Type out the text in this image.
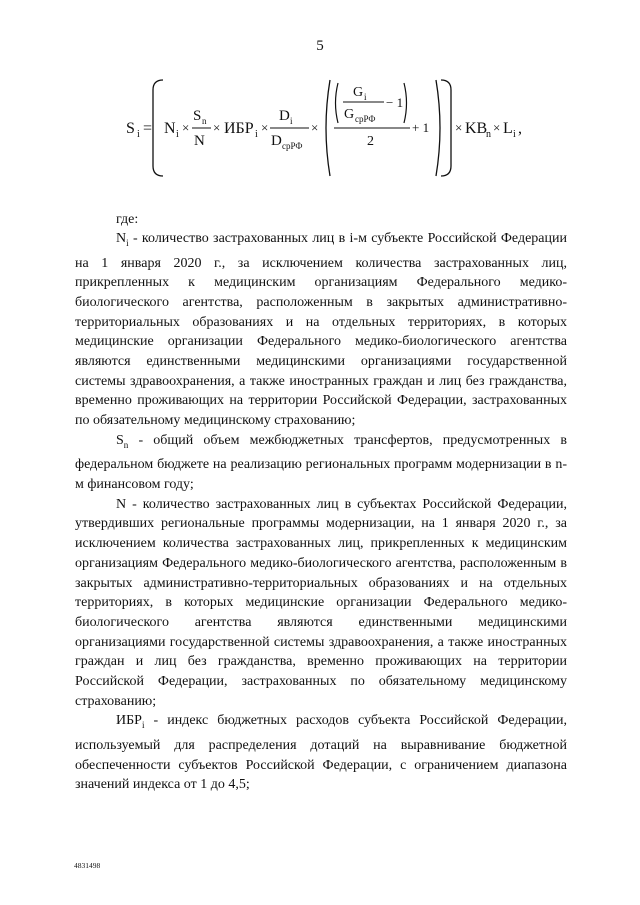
5
S i = N i ×
S n
N
× ИБР i ×
D i
D срРФ
×
G i
G срРФ
− 1
2
+ 1 × KB
n × L i ,
где:

$N_i$ - количество застрахованных лиц в i-м субъекте Российской Федерации на 1 января 2020 г., за исключением количества застрахованных лиц, прикрепленных к медицинским организациям Федерального медико-биологического агентства, расположенным в закрытых административно-территориальных образованиях и на отдельных территориях, в которых медицинские организации Федерального медико-биологического агентства являются единственными медицинскими организациями государственной системы здравоохранения, а также иностранных граждан и лиц без гражданства, временно проживающих на территории Российской Федерации, застрахованных по обязательному медицинскому страхованию;

$S_n$ - общий объем межбюджетных трансфертов, предусмотренных в федеральном бюджете на реализацию региональных программ модернизации в n-м финансовом году;

N - количество застрахованных лиц в субъектах Российской Федерации, утвердивших региональные программы модернизации, на 1 января 2020 г., за исключением количества застрахованных лиц, прикрепленных к медицинским организациям Федерального медико-биологического агентства, расположенным в закрытых административно-территориальных образованиях и на отдельных территориях, в которых медицинские организации Федерального медико-биологического агентства являются единственными медицинскими организациями государственной системы здравоохранения, а также иностранных граждан и лиц без гражданства, временно проживающих на территории Российской Федерации, застрахованных по обязательному медицинскому страхованию;

$ИБР_i$ - индекс бюджетных расходов субъекта Российской Федерации, используемый для распределения дотаций на выравнивание бюджетной обеспеченности субъектов Российской Федерации, с ограничением диапазона значений индекса от 1 до 4,5;

4831498
